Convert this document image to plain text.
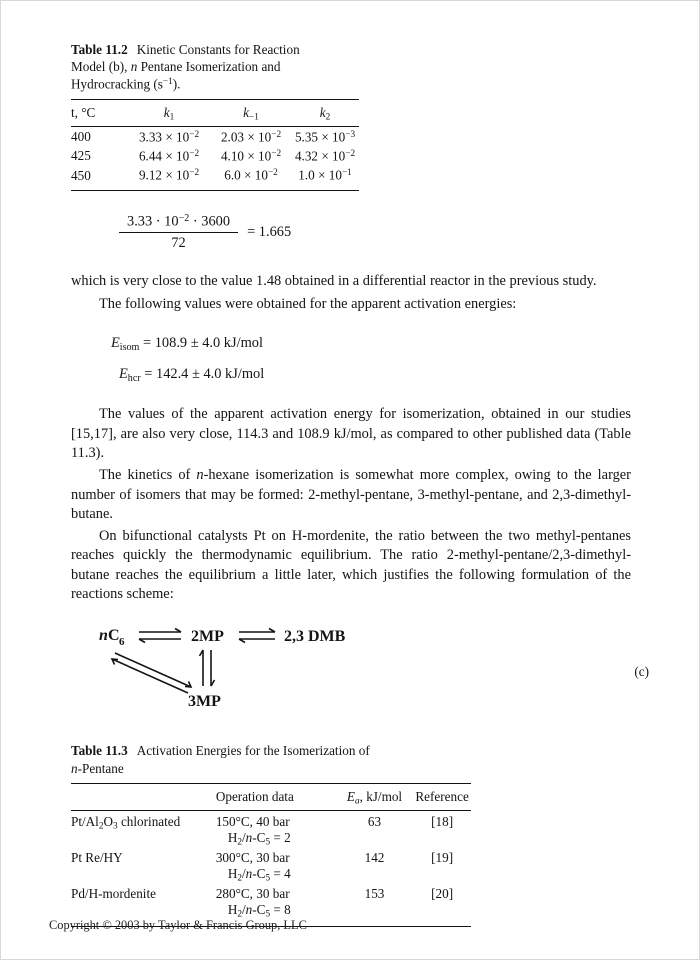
Table 11.2 Kinetic Constants for Reaction
Model (b), n Pentane Isomerization and
Hydrocracking $(s^{-1})$.
t, °C	$k_1$	$k_{-1}$	$k_2$
400	$3.33 \times 10^{-2}$	$2.03 \times 10^{-2}$	$5.35 \times 10^{-3}$
425	$6.44 \times 10^{-2}$	$4.10 \times 10^{-2}$	$4.32 \times 10^{-2}$
450	$9.12 \times 10^{-2}$	$6.0 \times 10^{-2}$	$1.0 \times 10^{-1}$

$\frac{3.33 \cdot 10^{-2} \cdot 3600}{72} = 1.665$

which is very close to the value 1.48 obtained in a differential reactor in the previous study.

The following values were obtained for the apparent activation energies:

$E_{isom} = 108.9 \pm 4.0$ kJ/mol
$E_{hcr} = 142.4 \pm 4.0$ kJ/mol

The values of the apparent activation energy for isomerization, obtained in our studies [15,17], are also very close, 114.3 and 108.9 kJ/mol, as compared to other published data (Table 11.3).

The kinetics of n-hexane isomerization is somewhat more complex, owing to the larger number of isomers that may be formed: 2-methyl-pentane, 3-methyl-pentane, and 2,3-dimethyl-butane.

On bifunctional catalysts Pt on H-mordenite, the ratio between the two methyl-pentanes reaches quickly the thermodynamic equilibrium. The ratio 2-methyl-pentane/2,3-dimethyl-butane reaches the equilibrium a little later, which justifies the following formulation of the reactions scheme:

n C 6	2MP	2,3 DMB
3MP
(c)
Table 11.3 Activation Energies for the Isomerization of
n-Pentane
	Operation data	$E_a$, kJ/mol	Reference
$Pt/Al_2O_3$ chlorinated	150°C, 40 bar	63	[18]
	$H_2/n-C_5 = 2$		
Pt Re/HY	300°C, 30 bar	142	[19]
	$H_2/n-C_5 = 4$		
Pd/H-mordenite	280°C, 30 bar	153	[20]
	$H_2/n-C_5 = 8$		

Copyright © 2003 by Taylor & Francis Group, LLC
